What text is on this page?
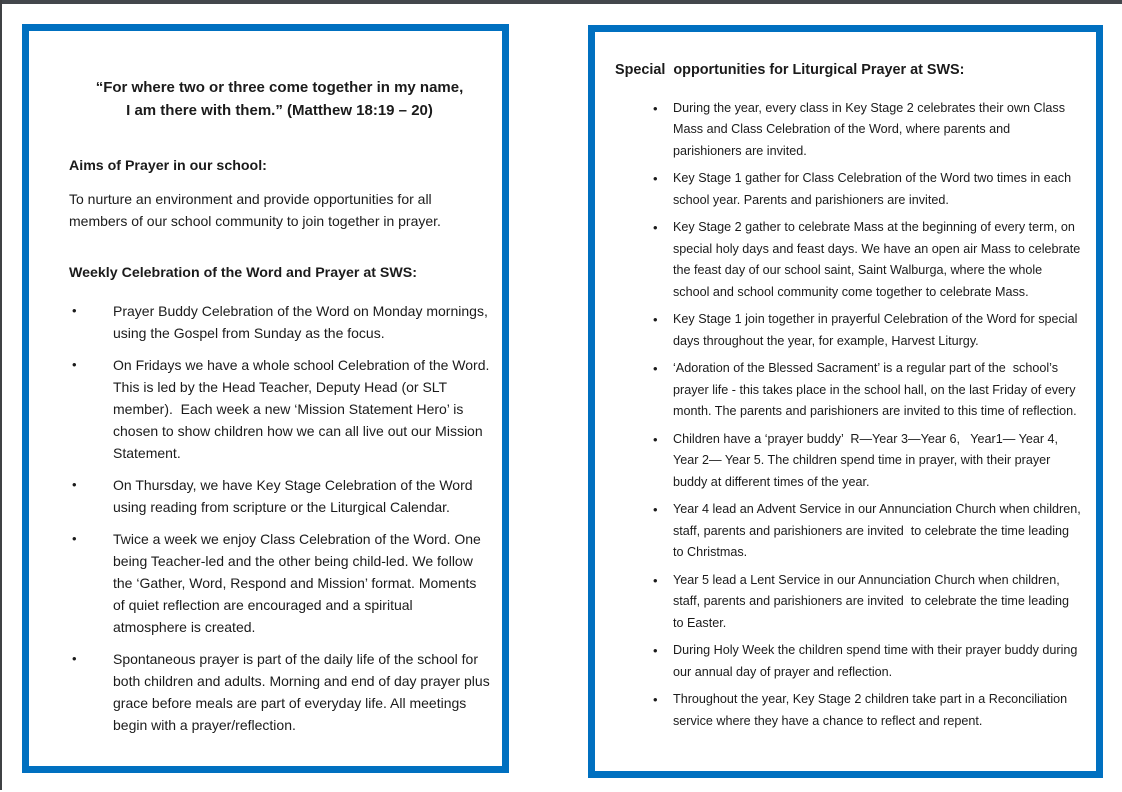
“For where two or three come together in my name,
I am there with them.” (Matthew 18:19 – 20)
Aims of Prayer in our school:

To nurture an environment and provide opportunities for all members of our school community to join together in prayer.

Weekly Celebration of the Word and Prayer at SWS:
•	Prayer Buddy Celebration of the Word on Monday mornings, using the Gospel from Sunday as the focus.
•	On Fridays we have a whole school Celebration of the Word. This is led by the Head Teacher, Deputy Head (or SLT member).  Each week a new ‘Mission Statement Hero’ is chosen to show children how we can all live out our Mission Statement.
•	On Thursday, we have Key Stage Celebration of the Word using reading from scripture or the Liturgical Calendar.
•	Twice a week we enjoy Class Celebration of the Word. One being Teacher-led and the other being child-led. We follow the ‘Gather, Word, Respond and Mission’ format. Moments of quiet reflection are encouraged and a spiritual atmosphere is created.
•	Spontaneous prayer is part of the daily life of the school for both children and adults. Morning and end of day prayer plus grace before meals are part of everyday life. All meetings begin with a prayer/reflection.
Special  opportunities for Liturgical Prayer at SWS:
•	During the year, every class in Key Stage 2 celebrates their own Class Mass and Class Celebration of the Word, where parents and parishioners are invited.
•	Key Stage 1 gather for Class Celebration of the Word two times in each school year. Parents and parishioners are invited.
•	Key Stage 2 gather to celebrate Mass at the beginning of every term, on special holy days and feast days. We have an open air Mass to celebrate the feast day of our school saint, Saint Walburga, where the whole school and school community come together to celebrate Mass.
•	Key Stage 1 join together in prayerful Celebration of the Word for special days throughout the year, for example, Harvest Liturgy.
•	‘Adoration of the Blessed Sacrament’ is a regular part of the  school’s prayer life - this takes place in the school hall, on the last Friday of every  month. The parents and parishioners are invited to this time of reflection.
•	Children have a ‘prayer buddy’  R—Year 3—Year 6,   Year1— Year 4, Year 2— Year 5. The children spend time in prayer, with their prayer buddy at different times of the year.
•	Year 4 lead an Advent Service in our Annunciation Church when children, staff, parents and parishioners are invited  to celebrate the time leading to Christmas.
•	Year 5 lead a Lent Service in our Annunciation Church when children, staff, parents and parishioners are invited  to celebrate the time leading to Easter.
•	During Holy Week the children spend time with their prayer buddy during our annual day of prayer and reflection.
•	Throughout the year, Key Stage 2 children take part in a Reconciliation service where they have a chance to reflect and repent.
